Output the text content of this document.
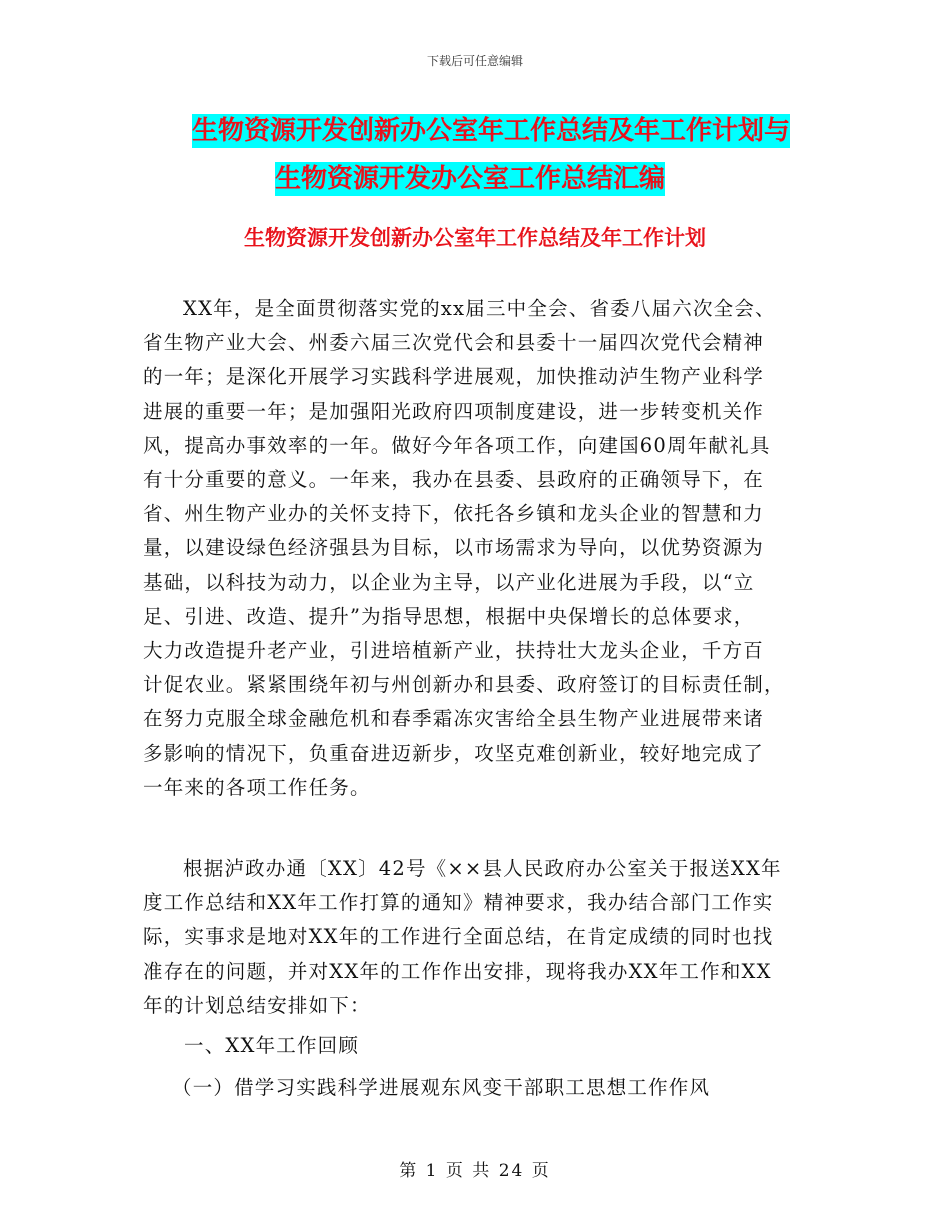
下载后可任意编辑
生物资源开发创新办公室年工作总结及年工作计划与
生物资源开发办公室工作总结汇编
生物资源开发创新办公室年工作总结及年工作计划
XX年，是全面贯彻落实党的xx届三中全会、省委八届六次全会、
省生物产业大会、州委六届三次党代会和县委十一届四次党代会精神
的一年；是深化开展学习实践科学进展观，加快推动泸生物产业科学
进展的重要一年；是加强阳光政府四项制度建设，进一步转变机关作
风，提高办事效率的一年。做好今年各项工作，向建国60周年献礼具
有十分重要的意义。一年来，我办在县委、县政府的正确领导下，在
省、州生物产业办的关怀支持下，依托各乡镇和龙头企业的智慧和力
量，以建设绿色经济强县为目标，以市场需求为导向，以优势资源为
基础，以科技为动力，以企业为主导，以产业化进展为手段，以“立
足、引进、改造、提升”为指导思想，根据中央保增长的总体要求，
大力改造提升老产业，引进培植新产业，扶持壮大龙头企业，千方百
计促农业。紧紧围绕年初与州创新办和县委、政府签订的目标责任制，
在努力克服全球金融危机和春季霜冻灾害给全县生物产业进展带来诸
多影响的情况下，负重奋进迈新步，攻坚克难创新业，较好地完成了
一年来的各项工作任务。
根据泸政办通〔XX〕42号《××县人民政府办公室关于报送XX年
度工作总结和XX年工作打算的通知》精神要求，我办结合部门工作实
际，实事求是地对XX年的工作进行全面总结，在肯定成绩的同时也找
准存在的问题，并对XX年的工作作出安排，现将我办XX年工作和XX
年的计划总结安排如下：
一、XX年工作回顾
（一）借学习实践科学进展观东风变干部职工思想工作作风
第 1 页 共 24 页
